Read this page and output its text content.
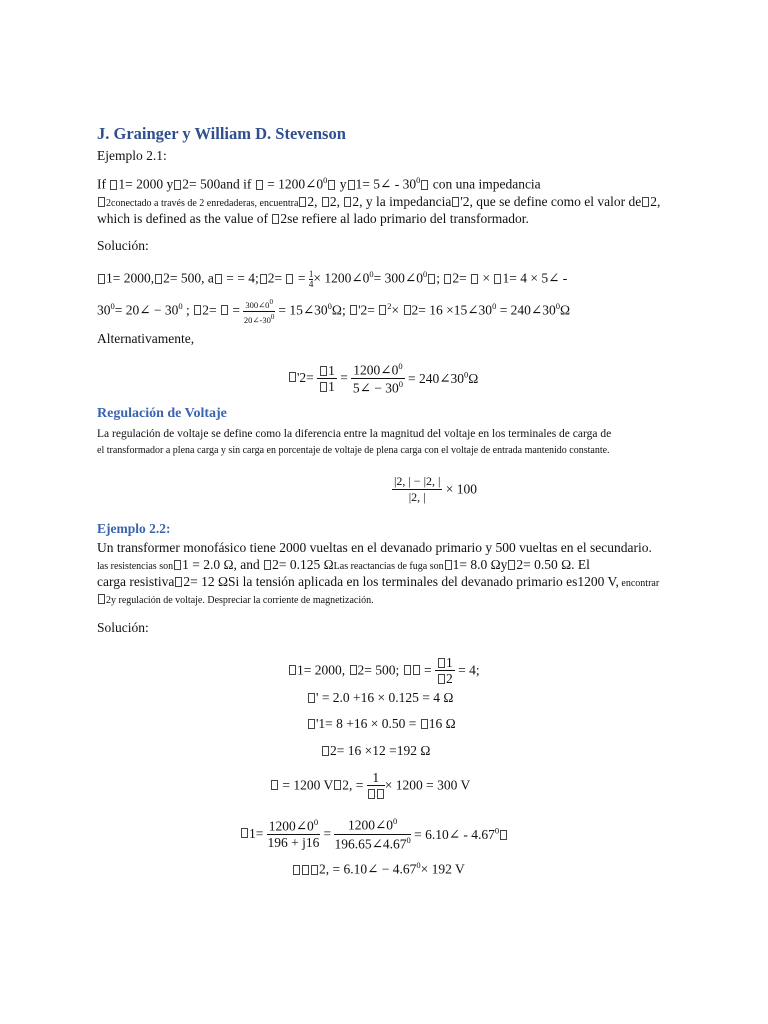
J. Grainger y William D. Stevenson
Ejemplo 2.1:
If 1= 2000 y 2= 500and if  = $1200\angle 0^0$ y 1= 5∠ - $30^0$ con una impedancia
2conectado a través de 2 enredaderas, encuentra 2, 2, 2, y la impedancia '2, que se define como el valor de 2,
which is defined as the value of 2se refiere al lado primario del transformador.
Solución:
1= 2000, 2= 500, a = = 4; $2= = \frac{1}{4}$ × $1200\angle 0^0=$ $300\angle 0^0$ ; 2=  × 1= 4 × 5∠ -
$30^0=$ 20∠ − $30^0$ ; $2= = \frac{300\angle 0^0}{20\angle-30^0}$ = $15\angle 30^0\Omega$; '$2= ^2\times 2= 16 \times 15\angle 30^0$ = $240\angle 30^0\Omega$
Alternativamente,
'$2= \frac{1}{1} = \frac{1200\angle 0^0}{5\angle - 30^0}$ = $240\angle 30^0\Omega$
Regulación de Voltaje
La regulación de voltaje se define como la diferencia entre la magnitud del voltaje en los terminales de carga de
el transformador a plena carga y sin carga en porcentaje de voltaje de plena carga con el voltaje de entrada mantenido constante.
$\frac{|2, | - |2, |}{|2, |} \times 100$
Ejemplo 2.2:
Un transformer monofásico tiene 2000 vueltas en el devanado primario y 500 vueltas en el secundario.
las resistencias son 1 = 2.0 Ω, and 2= 0.125 ΩLas reactancias de fuga son 1= 8.0 Ωy 2= 0.50 Ω. El
carga resistiva 2= 12 ΩSi la tensión aplicada en los terminales del devanado primario es1200 V, encontrar
2y regulación de voltaje. Despreciar la corriente de magnetización.
Solución:
1= 2000, 2= 500;  = $\frac{1}{2} = 4$;
' = 2.0 +16 × 0.125 = 4 Ω
'1= 8 +16 × 0.50 = 16 Ω
2= 16 ×12 =192 Ω
= 1200 V 2, = 1 × 1200 = 300 V
$1= \frac{1200\angle 0^0}{196 + j16} = \frac{1200\angle 0^0}{196.65\angle 4.67^0}$ = 6.10∠ - 4.67$^0$
2, = 6.10∠ − $4.67^0\times 192$ V
